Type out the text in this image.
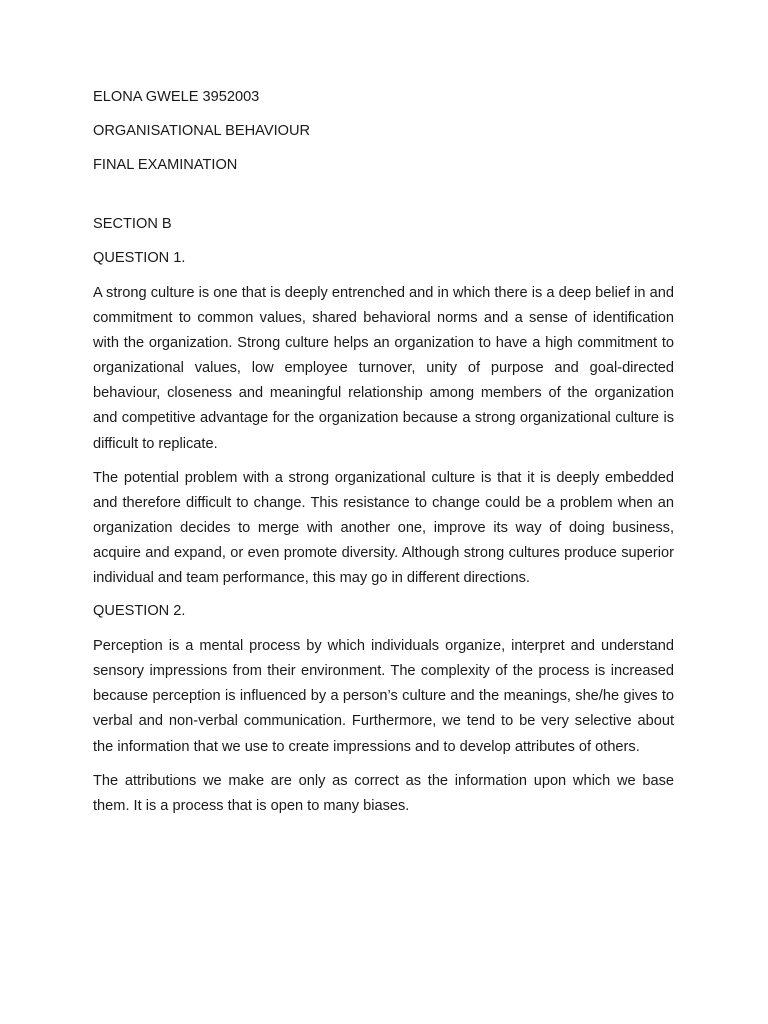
ELONA GWELE 3952003

ORGANISATIONAL BEHAVIOUR

FINAL EXAMINATION

SECTION B

QUESTION 1.

A strong culture is one that is deeply entrenched and in which there is a deep belief in and commitment to common values, shared behavioral norms and a sense of identification with the organization. Strong culture helps an organization to have a high commitment to organizational values, low employee turnover, unity of purpose and goal-directed behaviour, closeness and meaningful relationship among members of the organization and competitive advantage for the organization because a strong organizational culture is difficult to replicate.

The potential problem with a strong organizational culture is that it is deeply embedded and therefore difficult to change. This resistance to change could be a problem when an organization decides to merge with another one, improve its way of doing business, acquire and expand, or even promote diversity. Although strong cultures produce superior individual and team performance, this may go in different directions.

QUESTION 2.

Perception is a mental process by which individuals organize, interpret and understand sensory impressions from their environment. The complexity of the process is increased because perception is influenced by a person’s culture and the meanings, she/he gives to verbal and non-verbal communication. Furthermore, we tend to be very selective about the information that we use to create impressions and to develop attributes of others.

The attributions we make are only as correct as the information upon which we base them. It is a process that is open to many biases.
